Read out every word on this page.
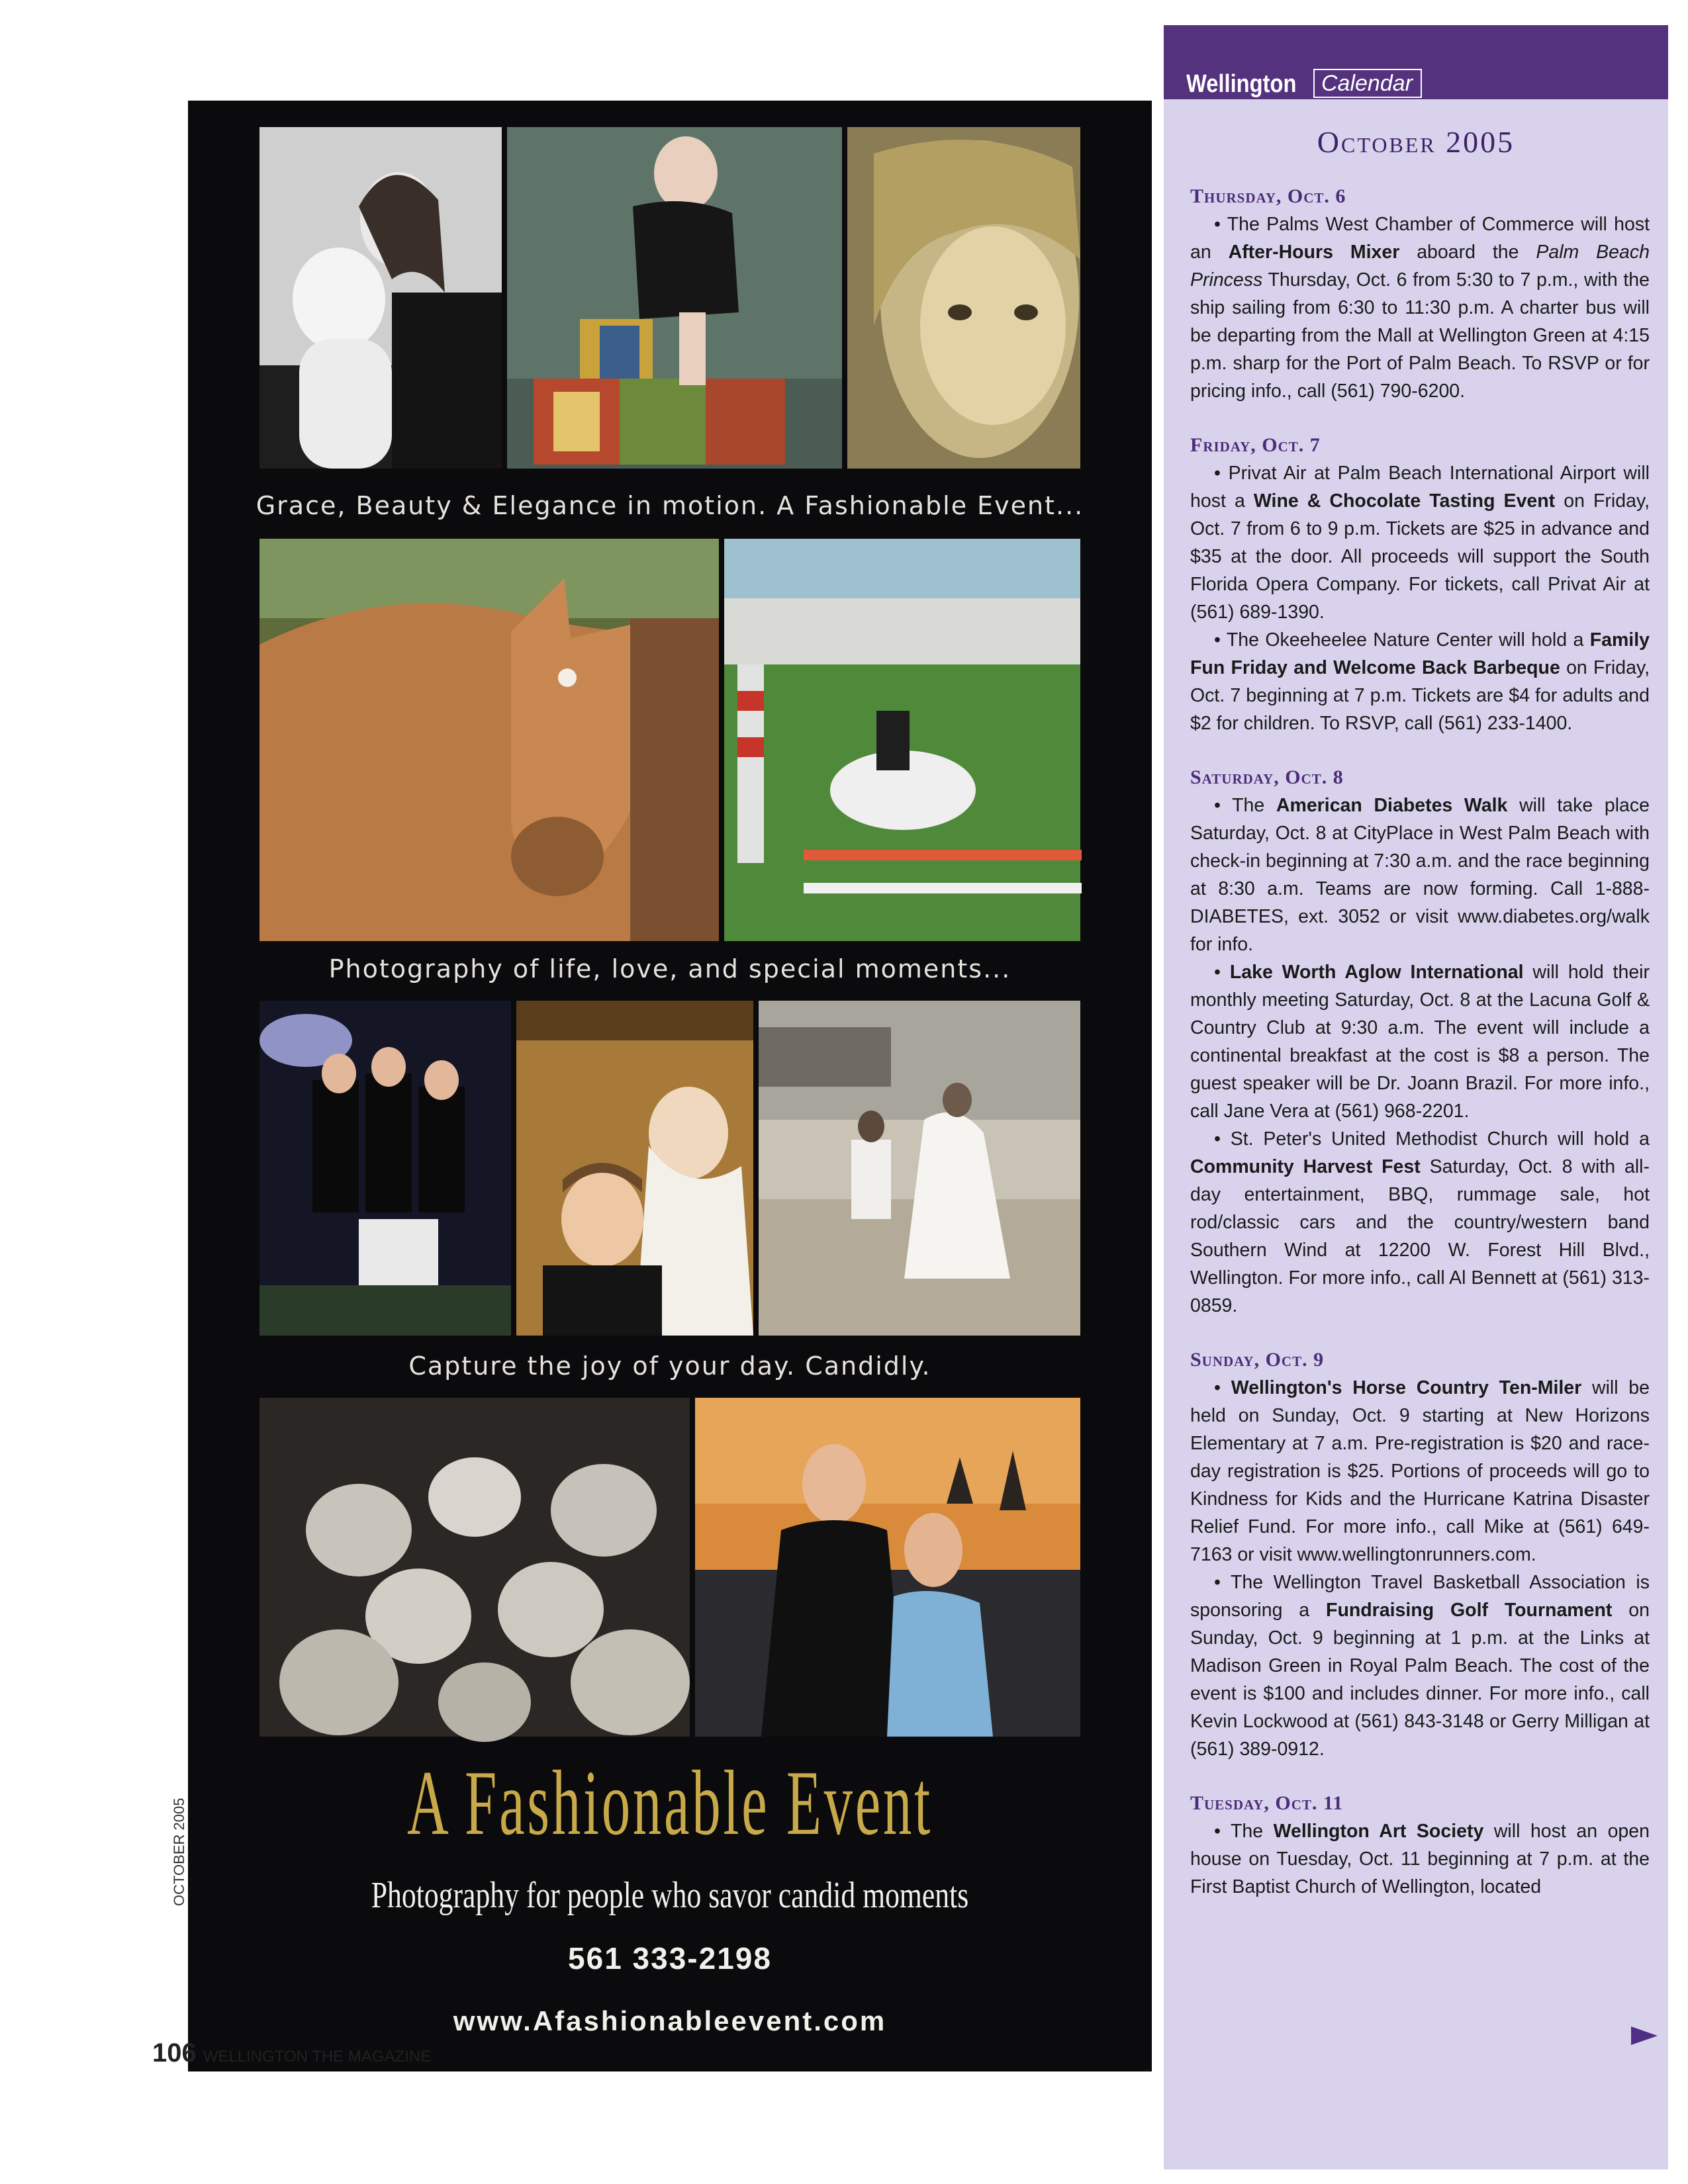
Grace, Beauty & Elegance in motion. A Fashionable Event...
Photography of life, love, and special moments...
Capture the joy of your day. Candidly.
A Fashionable Event
Photography for people who savor candid moments
561 333-2198
www.Afashionableevent.com
OCTOBER 2005
106 WELLINGTON THE MAGAZINE
Wellington	Calendar
October 2005

Thursday, Oct. 6

• The Palms West Chamber of Commerce will host an After-Hours Mixer aboard the Palm Beach Princess Thursday, Oct. 6 from 5:30 to 7 p.m., with the ship sailing from 6:30 to 11:30 p.m. A charter bus will be departing from the Mall at Wellington Green at 4:15 p.m. sharp for the Port of Palm Beach. To RSVP or for pricing info., call (561) 790-6200.

Friday, Oct. 7

• Privat Air at Palm Beach International Airport will host a Wine & Chocolate Tasting Event on Friday, Oct. 7 from 6 to 9 p.m. Tickets are $25 in advance and $35 at the door. All proceeds will support the South Florida Opera Company. For tickets, call Privat Air at (561) 689-1390.

• The Okeeheelee Nature Center will hold a Family Fun Friday and Welcome Back Barbeque on Friday, Oct. 7 beginning at 7 p.m. Tickets are $4 for adults and $2 for children. To RSVP, call (561) 233-1400.

Saturday, Oct. 8

• The American Diabetes Walk will take place Saturday, Oct. 8 at CityPlace in West Palm Beach with check-in beginning at 7:30 a.m. and the race beginning at 8:30 a.m. Teams are now forming. Call 1-888-DIABETES, ext. 3052 or visit www.diabetes.org/walk for info.

• Lake Worth Aglow International will hold their monthly meeting Saturday, Oct. 8 at the Lacuna Golf & Country Club at 9:30 a.m. The event will include a continental breakfast at the cost is $8 a person. The guest speaker will be Dr. Joann Brazil. For more info., call Jane Vera at (561) 968-2201.

• St. Peter's United Methodist Church will hold a Community Harvest Fest Saturday, Oct. 8 with all-day entertainment, BBQ, rummage sale, hot rod/classic cars and the country/western band Southern Wind at 12200 W. Forest Hill Blvd., Wellington. For more info., call Al Bennett at (561) 313-0859.

Sunday, Oct. 9

• Wellington's Horse Country Ten-Miler will be held on Sunday, Oct. 9 starting at New Horizons Elementary at 7 a.m. Pre-registration is $20 and race-day registration is $25. Portions of proceeds will go to Kindness for Kids and the Hurricane Katrina Disaster Relief Fund. For more info., call Mike at (561) 649-7163 or visit www.wellingtonrunners.com.

• The Wellington Travel Basketball Association is sponsoring a Fundraising Golf Tournament on Sunday, Oct. 9 beginning at 1 p.m. at the Links at Madison Green in Royal Palm Beach. The cost of the event is $100 and includes dinner. For more info., call Kevin Lockwood at (561) 843-3148 or Gerry Milligan at (561) 389-0912.

Tuesday, Oct. 11

• The Wellington Art Society will host an open house on Tuesday, Oct. 11 beginning at 7 p.m. at the First Baptist Church of Wellington, located
